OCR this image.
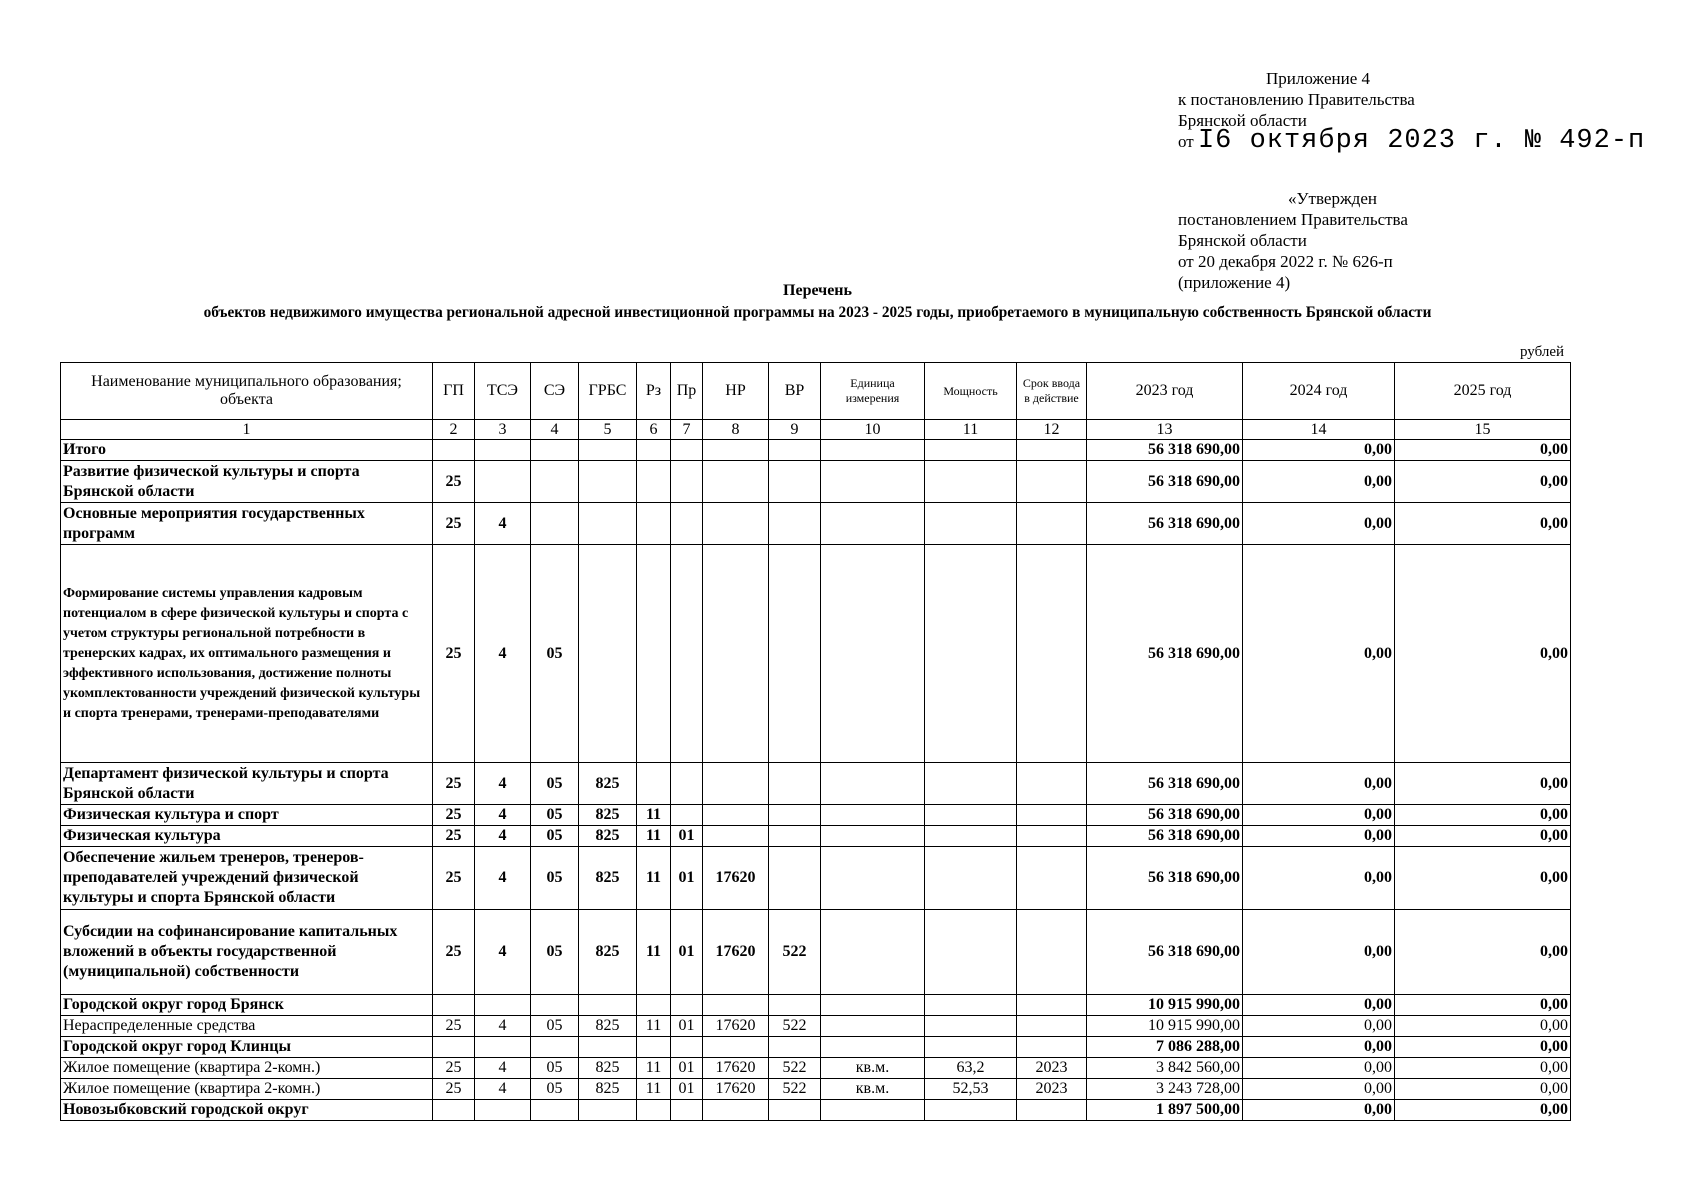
Приложение 4
к постановлению Правительства
Брянской области
от I6 октября 2023 г. № 492-п
«Утвержден
постановлением Правительства
Брянской области
от 20 декабря 2022 г. № 626-п
(приложение 4)
Перечень
объектов недвижимого имущества региональной адресной инвестиционной программы на 2023 - 2025 годы, приобретаемого в муниципальную собственность Брянской области
рублей
Наименование муниципального образования; объекта	ГП	ТСЭ	СЭ	ГРБС	Рз	Пр	НР	ВР	Единица измерения	Мощность	Срок ввода в действие	2023 год	2024 год	2025 год
1	2	3	4	5	6	7	8	9	10	11	12	13	14	15
Итого												56 318 690,00	0,00	0,00
Развитие физической культуры и спорта Брянской области	25											56 318 690,00	0,00	0,00
Основные мероприятия государственных программ	25	4										56 318 690,00	0,00	0,00
Формирование системы управления кадровым потенциалом в сфере физической культуры и спорта с учетом структуры региональной потребности в тренерских кадрах, их оптимального размещения и эффективного использования, достижение полноты укомплектованности учреждений физической культуры и спорта тренерами, тренерами-преподавателями	25	4	05									56 318 690,00	0,00	0,00
Департамент физической культуры и спорта Брянской области	25	4	05	825								56 318 690,00	0,00	0,00
Физическая культура и спорт	25	4	05	825	11							56 318 690,00	0,00	0,00
Физическая культура	25	4	05	825	11	01						56 318 690,00	0,00	0,00
Обеспечение жильем тренеров, тренеров-преподавателей учреждений физической культуры и спорта Брянской области	25	4	05	825	11	01	17620					56 318 690,00	0,00	0,00
Субсидии на софинансирование капитальных вложений в объекты государственной (муниципальной) собственности	25	4	05	825	11	01	17620	522				56 318 690,00	0,00	0,00
Городской округ город Брянск												10 915 990,00	0,00	0,00
Нераспределенные средства	25	4	05	825	11	01	17620	522				10 915 990,00	0,00	0,00
Городской округ город Клинцы												7 086 288,00	0,00	0,00
Жилое помещение (квартира 2-комн.)	25	4	05	825	11	01	17620	522	кв.м.	63,2	2023	3 842 560,00	0,00	0,00
Жилое помещение (квартира 2-комн.)	25	4	05	825	11	01	17620	522	кв.м.	52,53	2023	3 243 728,00	0,00	0,00
Новозыбковский городской округ												1 897 500,00	0,00	0,00
